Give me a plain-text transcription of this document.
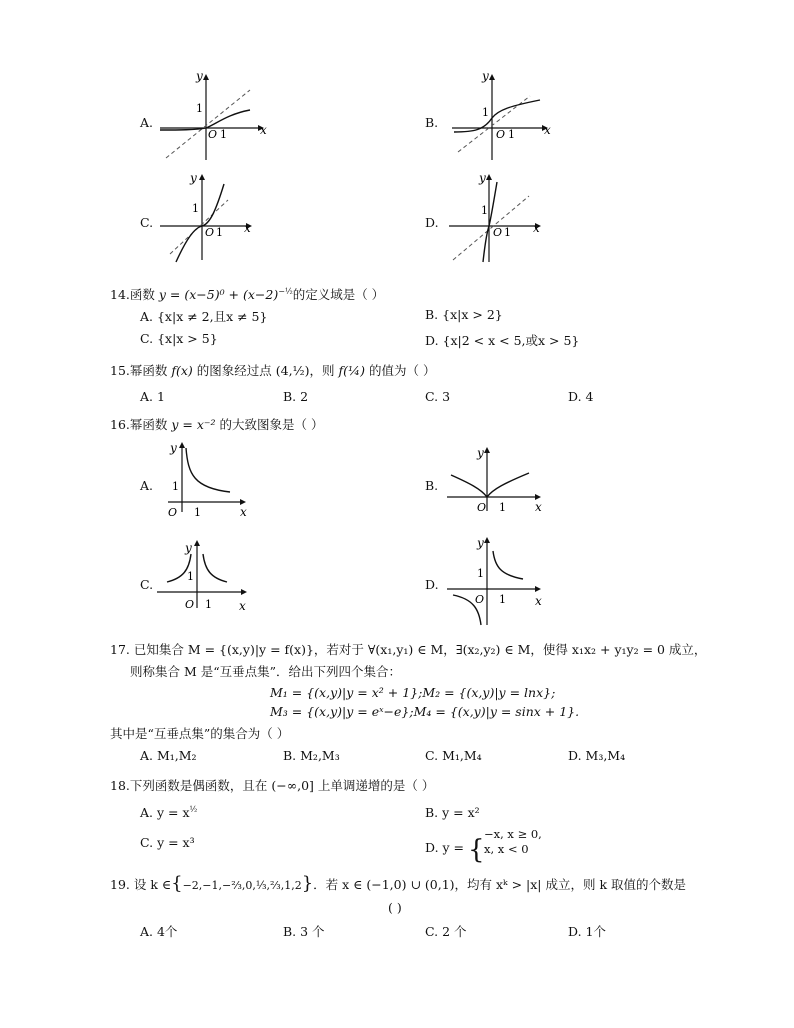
A.
y
x
1
O 1
B.
y
x
1
O 1
C.
y
x
1
O 1
D.
y
x
1
O 1
14.函数 $y = (x-5)^0 + (x-2)^{-\frac{1}{2}}$的定义域是（ ）
A. {x|x ≠ 2,且x ≠ 5}	B. {x|x > 2}
C. {x|x > 5}	D. {x|2 < x < 5,或x > 5}
15.幂函数 f(x) 的图象经过点 (4,½)，则 f(¼) 的值为（ ）
A. 1	B. 2	C. 3	D. 4
16.幂函数 y = x⁻² 的大致图象是（ ）
A.
y
x
1
O 1
B.
y
x
O 1
C.
y
x
1
O 1
D.
y
x
1
O 1
17. 已知集合 M = {(x,y)|y = f(x)}，若对于 ∀(x₁,y₁) ∈ M，∃(x₂,y₂) ∈ M，使得 x₁x₂ + y₁y₂ = 0 成立，
则称集合 M 是“互垂点集”．给出下列四个集合：
M₁ = {(x,y)|y = x² + 1};M₂ = {(x,y)|y = lnx};
M₃ = {(x,y)|y = eˣ−e};M₄ = {(x,y)|y = sinx + 1}.
其中是“互垂点集”的集合为（ ）
A. M₁,M₂	B. M₂,M₃	C. M₁,M₄	D. M₃,M₄
18.下列函数是偶函数，且在 (−∞,0] 上单调递增的是（ ）
A. $y = x^{\frac{1}{2}}$	B. y = x²
C. y = x³	D. y = {
−x, x ≥ 0,
x, x < 0
19. 设 k ∈{−2,−1,−⅔,0,⅓,⅔,1,2}．若 x ∈ (−1,0) ∪ (0,1)，均有 xᵏ > |x| 成立，则 k 取值的个数是
( )
A. 4个	B. 3 个	C. 2 个	D. 1个
